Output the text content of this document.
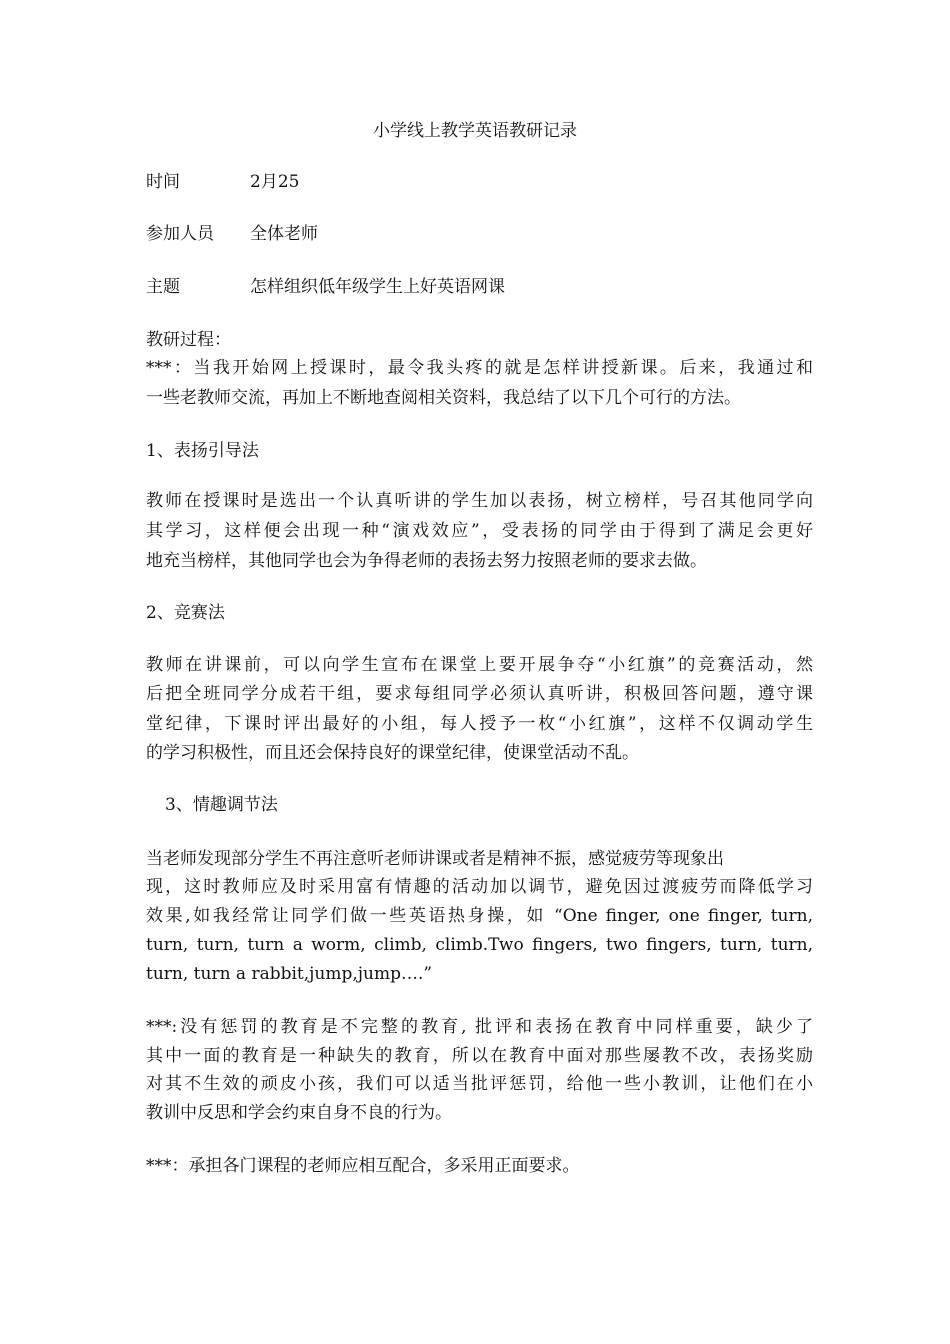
小学线上教学英语教研记录
时间	2月25
参加人员 全体老师
主题	怎样组织低年级学生上好英语网课
教研过程：
***：当我开始网上授课时，最令我头疼的就是怎样讲授新课。后来，我通过和
一些老教师交流，再加上不断地查阅相关资料，我总结了以下几个可行的方法。
1、表扬引导法
教师在授课时是选出一个认真听讲的学生加以表扬，树立榜样，号召其他同学向
其学习，这样便会出现一种“演戏效应”，受表扬的同学由于得到了满足会更好
地充当榜样，其他同学也会为争得老师的表扬去努力按照老师的要求去做。
2、竞赛法
教师在讲课前，可以向学生宣布在课堂上要开展争夺“小红旗”的竞赛活动，然
后把全班同学分成若干组，要求每组同学必须认真听讲，积极回答问题，遵守课
堂纪律，下课时评出最好的小组，每人授予一枚“小红旗”，这样不仅调动学生
的学习积极性，而且还会保持良好的课堂纪律，使课堂活动不乱。
3、情趣调节法
当老师发现部分学生不再注意听老师讲课或者是精神不振，感觉疲劳等现象出
现，这时教师应及时采用富有情趣的活动加以调节，避免因过渡疲劳而降低学习
效果,如我经常让同学们做一些英语热身操，如 “One finger, one finger, turn,
turn, turn, turn a worm, climb, climb.Two fingers, two fingers, turn, turn,
turn, turn a rabbit,jump,jump….”
***:没有惩罚的教育是不完整的教育, 批评和表扬在教育中同样重要，缺少了
其中一面的教育是一种缺失的教育，所以在教育中面对那些屡教不改，表扬奖励
对其不生效的顽皮小孩，我们可以适当批评惩罚，给他一些小教训，让他们在小
教训中反思和学会约束自身不良的行为。
***：承担各门课程的老师应相互配合，多采用正面要求。
